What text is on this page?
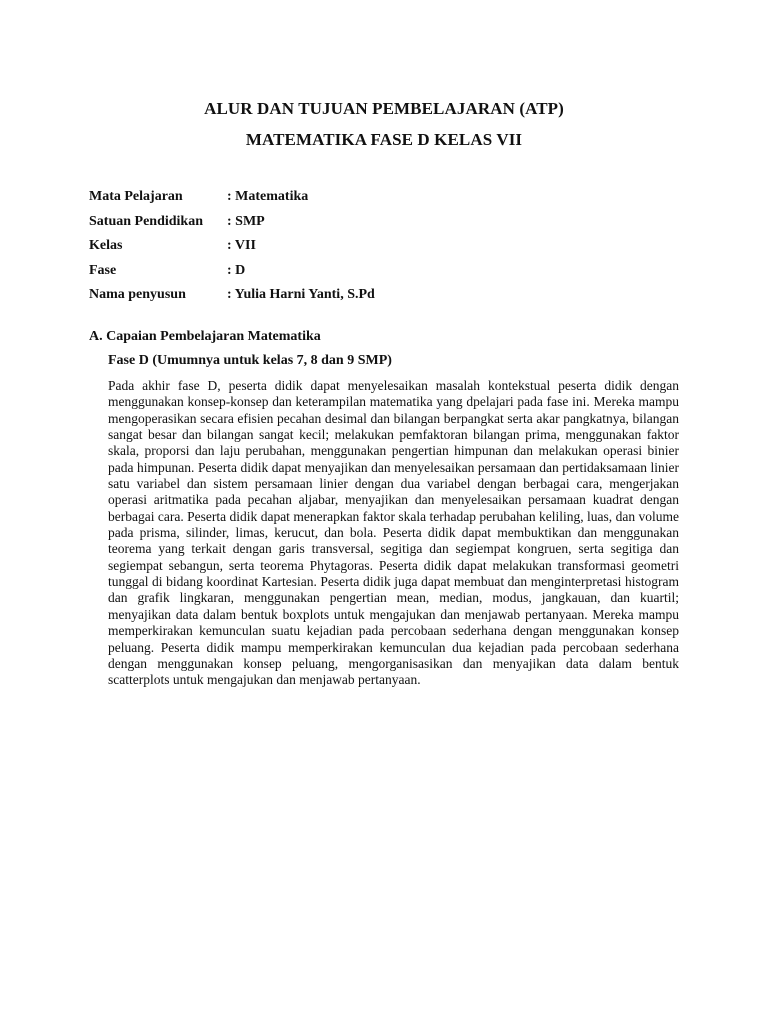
ALUR DAN TUJUAN PEMBELAJARAN (ATP)
MATEMATIKA FASE D KELAS VII
Mata Pelajaran	: Matematika
Satuan Pendidikan	: SMP
Kelas	: VII
Fase	: D
Nama penyusun	: Yulia Harni Yanti, S.Pd
A. Capaian Pembelajaran Matematika
Fase D (Umumnya untuk kelas 7, 8 dan 9 SMP)

Pada akhir fase D, peserta didik dapat menyelesaikan masalah kontekstual peserta didik dengan menggunakan konsep-konsep dan keterampilan matematika yang dpelajari pada fase ini. Mereka mampu mengoperasikan secara efisien pecahan desimal dan bilangan berpangkat serta akar pangkatnya, bilangan sangat besar dan bilangan sangat kecil; melakukan pemfaktoran bilangan prima, menggunakan faktor skala, proporsi dan laju perubahan, menggunakan pengertian himpunan dan melakukan operasi binier pada himpunan. Peserta didik dapat menyajikan dan menyelesaikan persamaan dan pertidaksamaan linier satu variabel dan sistem persamaan linier dengan dua variabel dengan berbagai cara, mengerjakan operasi aritmatika pada pecahan aljabar, menyajikan dan menyelesaikan persamaan kuadrat dengan berbagai cara. Peserta didik dapat menerapkan faktor skala terhadap perubahan keliling, luas, dan volume pada prisma, silinder, limas, kerucut, dan bola. Peserta didik dapat membuktikan dan menggunakan teorema yang terkait dengan garis transversal, segitiga dan segiempat kongruen, serta segitiga dan segiempat sebangun, serta teorema Phytagoras. Peserta didik dapat melakukan transformasi geometri tunggal di bidang koordinat Kartesian. Peserta didik juga dapat membuat dan menginterpretasi histogram dan grafik lingkaran, menggunakan pengertian mean, median, modus, jangkauan, dan kuartil; menyajikan data dalam bentuk boxplots untuk mengajukan dan menjawab pertanyaan. Mereka mampu memperkirakan kemunculan suatu kejadian pada percobaan sederhana dengan menggunakan konsep peluang. Peserta didik mampu memperkirakan kemunculan dua kejadian pada percobaan sederhana dengan menggunakan konsep peluang, mengorganisasikan dan menyajikan data dalam bentuk scatterplots untuk mengajukan dan menjawab pertanyaan.
